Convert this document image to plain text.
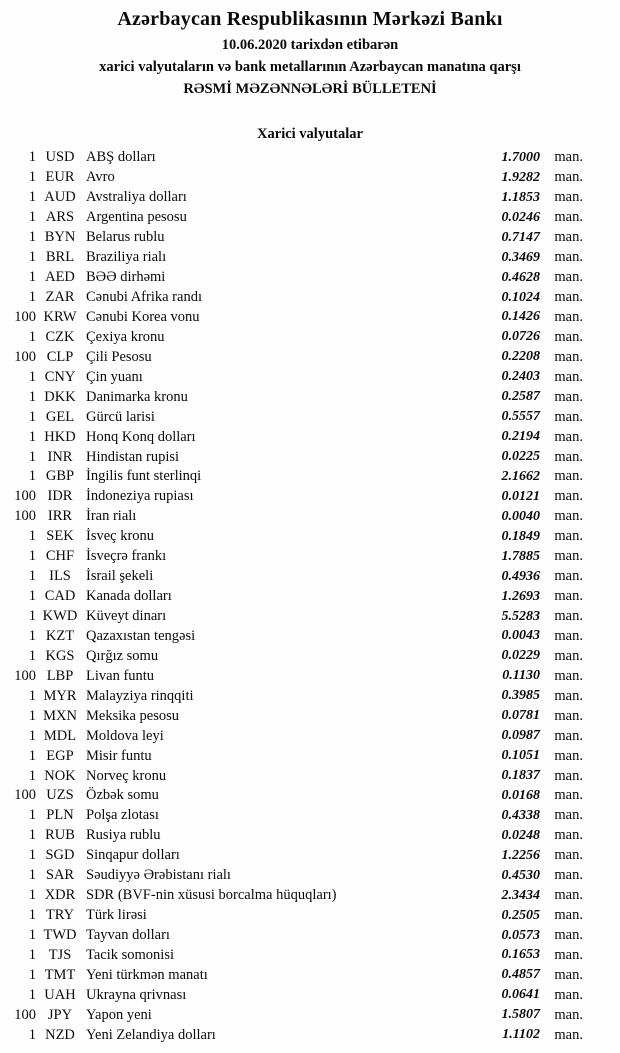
Azərbaycan Respublikasının Mərkəzi Bankı
10.06.2020 tarixdən etibarən
xarici valyutaların və bank metallarının Azərbaycan manatına qarşı
RƏSMİ MƏZƏNNƏLƏRİ BÜLLETENİ
Xarici valyutalar
1 USD ABŞ dolları	1.7000 man.
1 EUR Avro	1.9282 man.
1 AUD Avstraliya dolları	1.1853 man.
1 ARS Argentina pesosu	0.0246 man.
1 BYN Belarus rublu	0.7147 man.
1 BRL Braziliya rialı	0.3469 man.
1 AED BƏƏ dirhəmi	0.4628 man.
1 ZAR Cənubi Afrika randı	0.1024 man.
100 KRW Cənubi Korea vonu	0.1426 man.
1 CZK Çexiya kronu	0.0726 man.
100 CLP Çili Pesosu	0.2208 man.
1 CNY Çin yuanı	0.2403 man.
1 DKK Danimarka kronu	0.2587 man.
1 GEL Gürcü larisi	0.5557 man.
1 HKD Honq Konq dolları	0.2194 man.
1 INR Hindistan rupisi	0.0225 man.
1 GBP İngilis funt sterlinqi	2.1662 man.
100 IDR İndoneziya rupiası	0.0121 man.
100 IRR İran rialı	0.0040 man.
1 SEK İsveç kronu	0.1849 man.
1 CHF İsveçrə frankı	1.7885 man.
1 ILS	İsrail şekeli	0.4936 man.
1 CAD Kanada dolları	1.2693 man.
1 KWD Küveyt dinarı	5.5283 man.
1 KZT Qazaxıstan tengəsi	0.0043 man.
1 KGS Qırğız somu	0.0229 man.
100 LBP Livan funtu	0.1130 man.
1 MYR Malayziya rinqqiti	0.3985 man.
1 MXN Meksika pesosu	0.0781 man.
1 MDL Moldova leyi	0.0987 man.
1 EGP Misir funtu	0.1051 man.
1 NOK Norveç kronu	0.1837 man.
100 UZS Özbək somu	0.0168 man.
1 PLN Polşa zlotası	0.4338 man.
1 RUB Rusiya rublu	0.0248 man.
1 SGD Sinqapur dolları	1.2256 man.
1 SAR Səudiyyə Ərəbistanı rialı	0.4530 man.
1 XDR SDR (BVF-nin xüsusi borcalma hüquqları)	2.3434 man.
1 TRY Türk lirəsi	0.2505 man.
1 TWD Tayvan dolları	0.0573 man.
1 TJS	Tacik somonisi	0.1653 man.
1 TMT Yeni türkmən manatı	0.4857 man.
1 UAH Ukrayna qrivnası	0.0641 man.
100 JPY Yapon yeni	1.5807 man.
1 NZD Yeni Zelandiya dolları	1.1102 man.
